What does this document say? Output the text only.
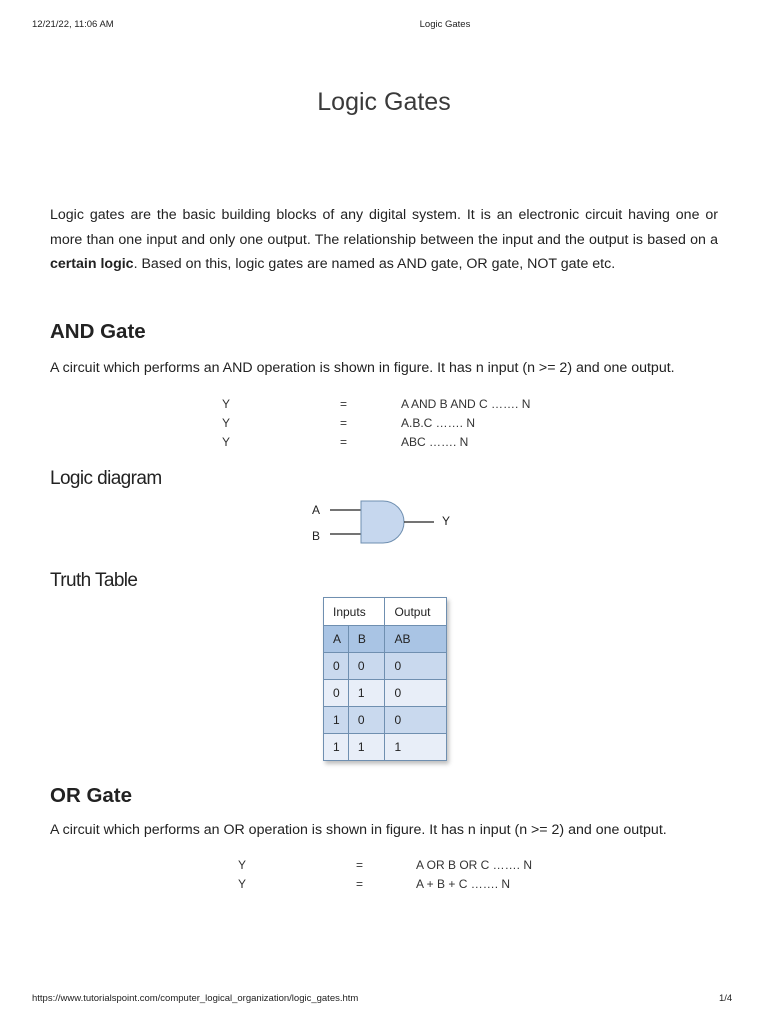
12/21/22, 11:06 AM	Logic Gates
Logic Gates
Logic gates are the basic building blocks of any digital system. It is an electronic circuit having one or more than one input and only one output. The relationship between the input and the output is based on a certain logic. Based on this, logic gates are named as AND gate, OR gate, NOT gate etc.
AND Gate
A circuit which performs an AND operation is shown in figure. It has n input (n >= 2) and one output.
Y	=	A AND B AND C ……. N
Y	=	A.B.C ……. N
Y	=	ABC ……. N
Logic diagram
A
B
Y
Truth Table
Inputs		Output
A	B	AB
0	0	0
0	1	0
1	0	0
1	1	1
OR Gate
A circuit which performs an OR operation is shown in figure. It has n input (n >= 2) and one output.
Y	=	A OR B OR C ……. N
Y	=	A + B + C ……. N
https://www.tutorialspoint.com/computer_logical_organization/logic_gates.htm	1/4
